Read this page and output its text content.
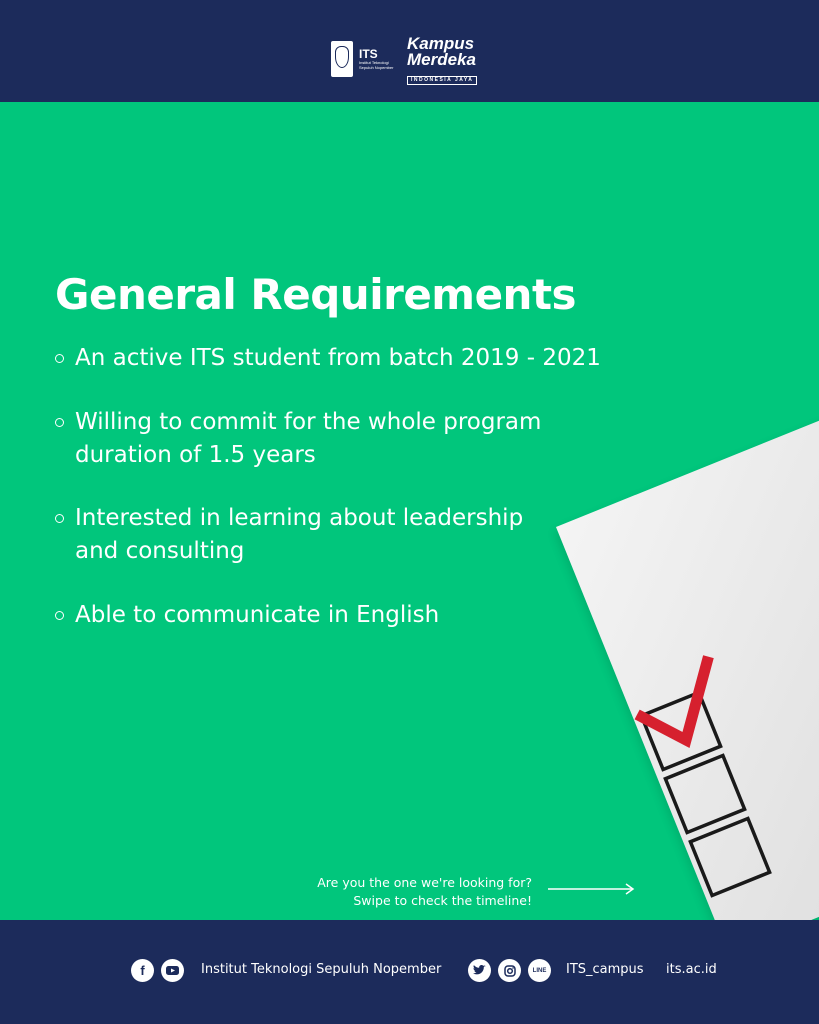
ITS
Institut Teknologi Sepuluh Nopember
Kampus
Merdeka
INDONESIA JAYA
General Requirements
An active ITS student from batch 2019 - 2021
Willing to commit for the whole program
duration of 1.5 years
Interested in learning about leadership
and consulting
Able to communicate in English
Are you the one we're looking for?
Swipe to check the timeline!
f	Institut Teknologi Sepuluh Nopember	LINE ITS_campus its.ac.id
